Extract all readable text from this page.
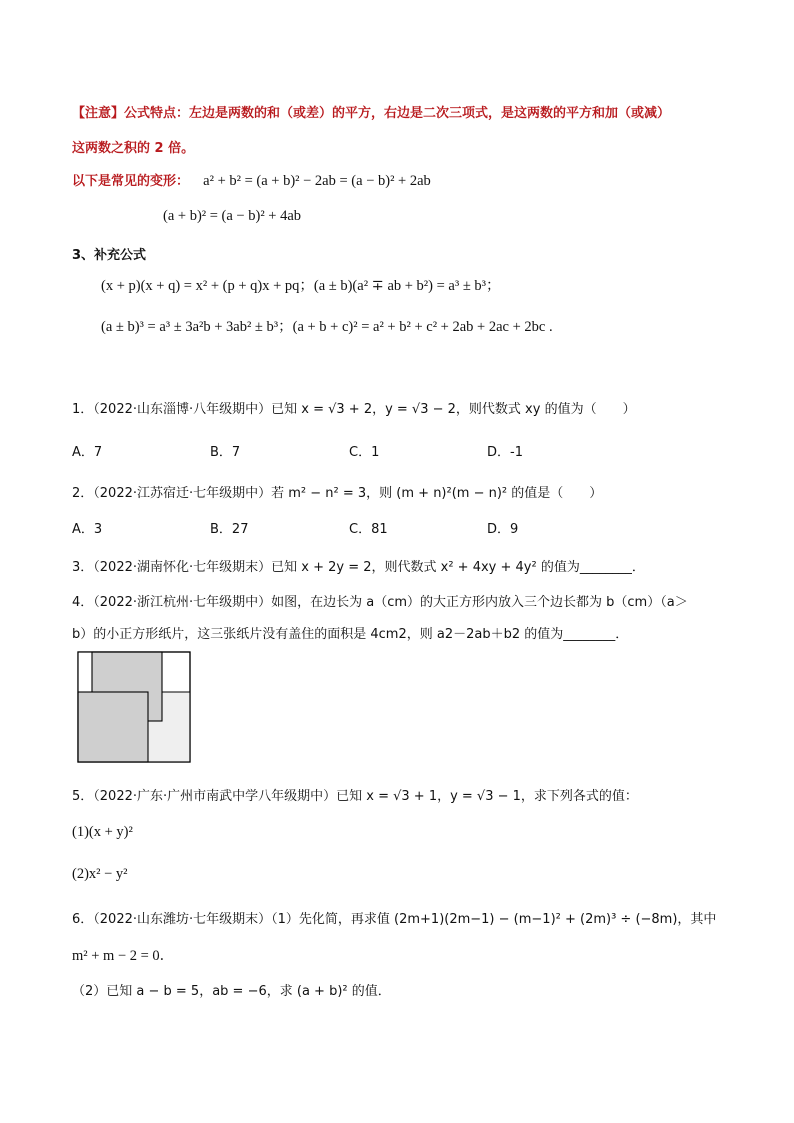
【注意】公式特点：左边是两数的和（或差）的平方，右边是二次三项式，是这两数的平方和加（或减）
这两数之积的 2 倍。
以下是常见的变形： a² + b² = (a + b)² − 2ab = (a − b)² + 2ab
(a + b)² = (a − b)² + 4ab
3、补充公式
(x + p)(x + q) = x² + (p + q)x + pq；(a ± b)(a² ∓ ab + b²) = a³ ± b³；
(a ± b)³ = a³ ± 3a²b + 3ab² ± b³；(a + b + c)² = a² + b² + c² + 2ab + 2ac + 2bc .
1．（2022·山东淄博·八年级期中）已知 x = √3 + 2，y = √3 − 2，则代数式 xy 的值为（　　）
A．7	B．7	C．1	D．-1
2．（2022·江苏宿迁·七年级期中）若 m² − n² = 3，则 (m + n)²(m − n)² 的值是（　　）
A．3	B．27	C．81	D．9
3．（2022·湖南怀化·七年级期末）已知 x + 2y = 2，则代数式 x² + 4xy + 4y² 的值为________．
4．（2022·浙江杭州·七年级期中）如图，在边长为 a（cm）的大正方形内放入三个边长都为 b（cm）（a＞
b）的小正方形纸片，这三张纸片没有盖住的面积是 4cm2，则 a2－2ab＋b2 的值为________．
5．（2022·广东·广州市南武中学八年级期中）已知 x = √3 + 1，y = √3 − 1，求下列各式的值：
(1)(x + y)²
(2)x² − y²
6．（2022·山东潍坊·七年级期末）（1）先化简，再求值 (2m+1)(2m−1) − (m−1)² + (2m)³ ÷ (−8m)，其中
m² + m − 2 = 0．
（2）已知 a − b = 5，ab = −6，求 (a + b)² 的值．
